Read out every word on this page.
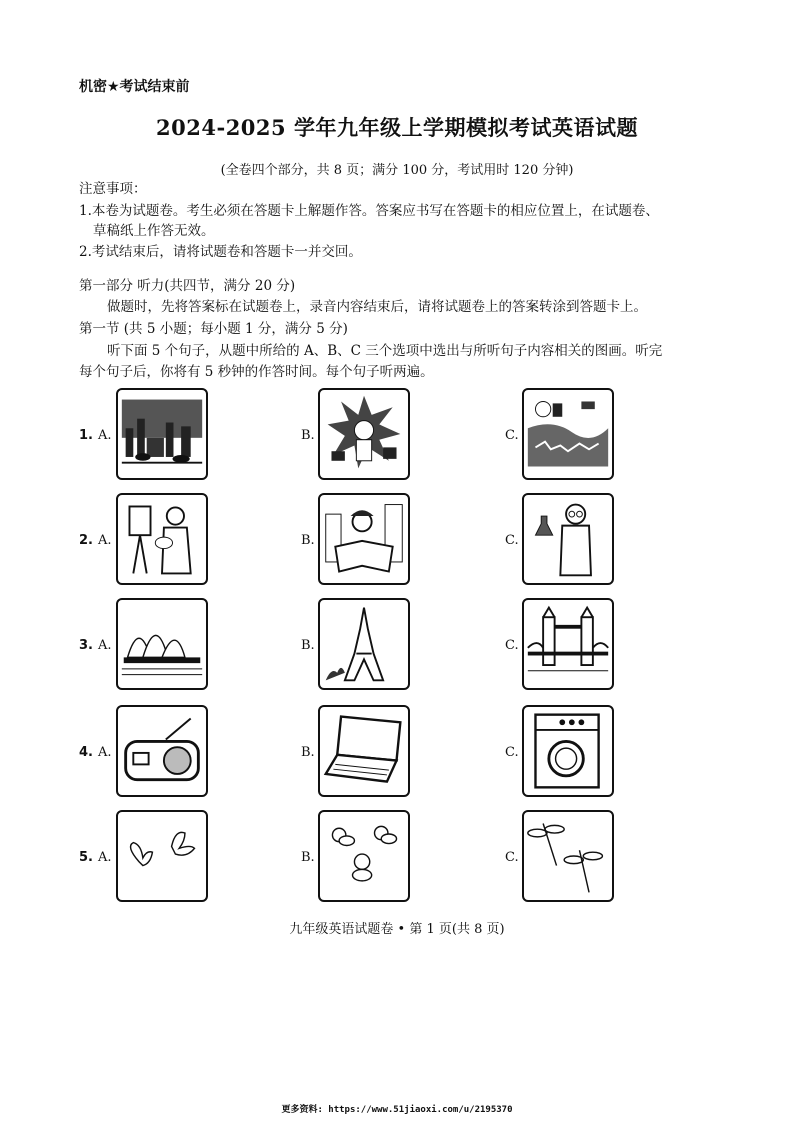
机密★考试结束前
2024-2025 学年九年级上学期模拟考试英语试题
(全卷四个部分，共 8 页；满分 100 分，考试用时 120 分钟)
注意事项：
1.本卷为试题卷。考生必须在答题卡上解题作答。答案应书写在答题卡的相应位置上，在试题卷、
草稿纸上作答无效。
2.考试结束后，请将试题卷和答题卡一并交回。
第一部分 听力(共四节，满分 20 分)
做题时，先将答案标在试题卷上，录音内容结束后，请将试题卷上的答案转涂到答题卡上。
第一节 (共 5 小题；每小题 1 分，满分 5 分)
听下面 5 个句子，从题中所给的 A、B、C 三个选项中选出与所听句子内容相关的图画。听完
每个句子后，你将有 5 秒钟的作答时间。每个句子听两遍。
1. A.	B.	C.
2. A.	B.	C.
3. A.	B.	C.
4. A.	B.	C.
5. A.	B.	C.
九年级英语试题卷 • 第 1 页(共 8 页)
更多资料: https://www.51jiaoxi.com/u/2195370
